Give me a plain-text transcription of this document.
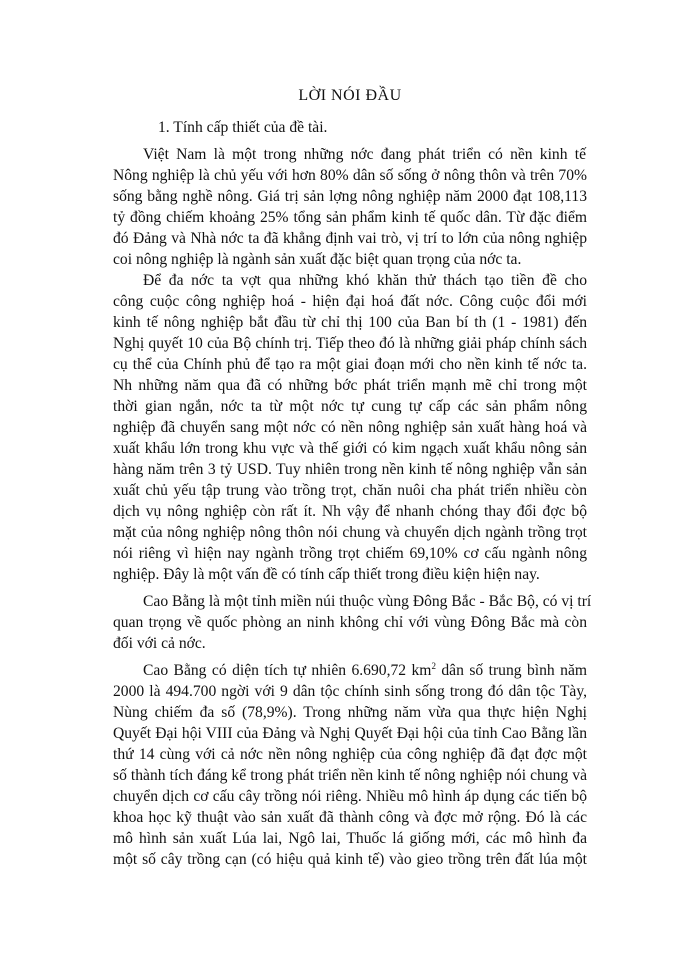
LỜI NÓI ĐẦU
1. Tính cấp thiết của đề tài.
Việt Nam là một trong những nớc đang phát triển có nền kinh tế
Nông nghiệp là chủ yếu với hơn 80% dân số sống ở nông thôn và trên 70%
sống bằng nghề nông. Giá trị sản lợng nông nghiệp năm 2000 đạt 108,113
tỷ đồng chiếm khoảng 25% tổng sản phẩm kinh tế quốc dân. Từ đặc điểm
đó Đảng và Nhà nớc ta đã khẳng định vai trò, vị trí to lớn của nông nghiệp
coi nông nghiệp là ngành sản xuất đặc biệt quan trọng của nớc ta.
Để đa nớc ta vợt qua những khó khăn thử thách tạo tiền đề cho
công cuộc công nghiệp hoá - hiện đại hoá đất nớc. Công cuộc đổi mới
kinh tế nông nghiệp bắt đầu từ chỉ thị 100 của Ban bí th (1 - 1981) đến
Nghị quyết 10 của Bộ chính trị. Tiếp theo đó là những giải pháp chính sách
cụ thể của Chính phủ để tạo ra một giai đoạn mới cho nền kinh tế nớc ta.
Nh những năm qua đã có những bớc phát triển mạnh mẽ chỉ trong một
thời gian ngắn, nớc ta từ một nớc tự cung tự cấp các sản phẩm nông
nghiệp đã chuyển sang một nớc có nền nông nghiệp sản xuất hàng hoá và
xuất khẩu lớn trong khu vực và thế giới có kim ngạch xuất khẩu nông sản
hàng năm trên 3 tỷ USD. Tuy nhiên trong nền kinh tế nông nghiệp vẫn sản
xuất chủ yếu tập trung vào trồng trọt, chăn nuôi cha phát triển nhiều còn
dịch vụ nông nghiệp còn rất ít. Nh vậy để nhanh chóng thay đổi đợc bộ
mặt của nông nghiệp nông thôn nói chung và chuyển dịch ngành trồng trọt
nói riêng vì hiện nay ngành trồng trọt chiếm 69,10% cơ cấu ngành nông
nghiệp. Đây là một vấn đề có tính cấp thiết trong điều kiện hiện nay.
Cao Bằng là một tỉnh miền núi thuộc vùng Đông Bắc - Bắc Bộ, có vị trí
quan trọng về quốc phòng an ninh không chỉ với vùng Đông Bắc mà còn
đối với cả nớc.
Cao Bằng có diện tích tự nhiên 6.690,72 $km^2$ dân số trung bình năm
2000 là 494.700 ngời với 9 dân tộc chính sinh sống trong đó dân tộc Tày,
Nùng chiếm đa số (78,9%). Trong những năm vừa qua thực hiện Nghị
Quyết Đại hội VIII của Đảng và Nghị Quyết Đại hội của tỉnh Cao Bằng lần
thứ 14 cùng với cả nớc nền nông nghiệp của công nghiệp đã đạt đợc một
số thành tích đáng kể trong phát triển nền kinh tế nông nghiệp nói chung và
chuyển dịch cơ cấu cây trồng nói riêng. Nhiều mô hình áp dụng các tiến bộ
khoa học kỹ thuật vào sản xuất đã thành công và đợc mở rộng. Đó là các
mô hình sản xuất Lúa lai, Ngô lai, Thuốc lá giống mới, các mô hình đa
một số cây trồng cạn (có hiệu quả kinh tế) vào gieo trồng trên đất lúa một
